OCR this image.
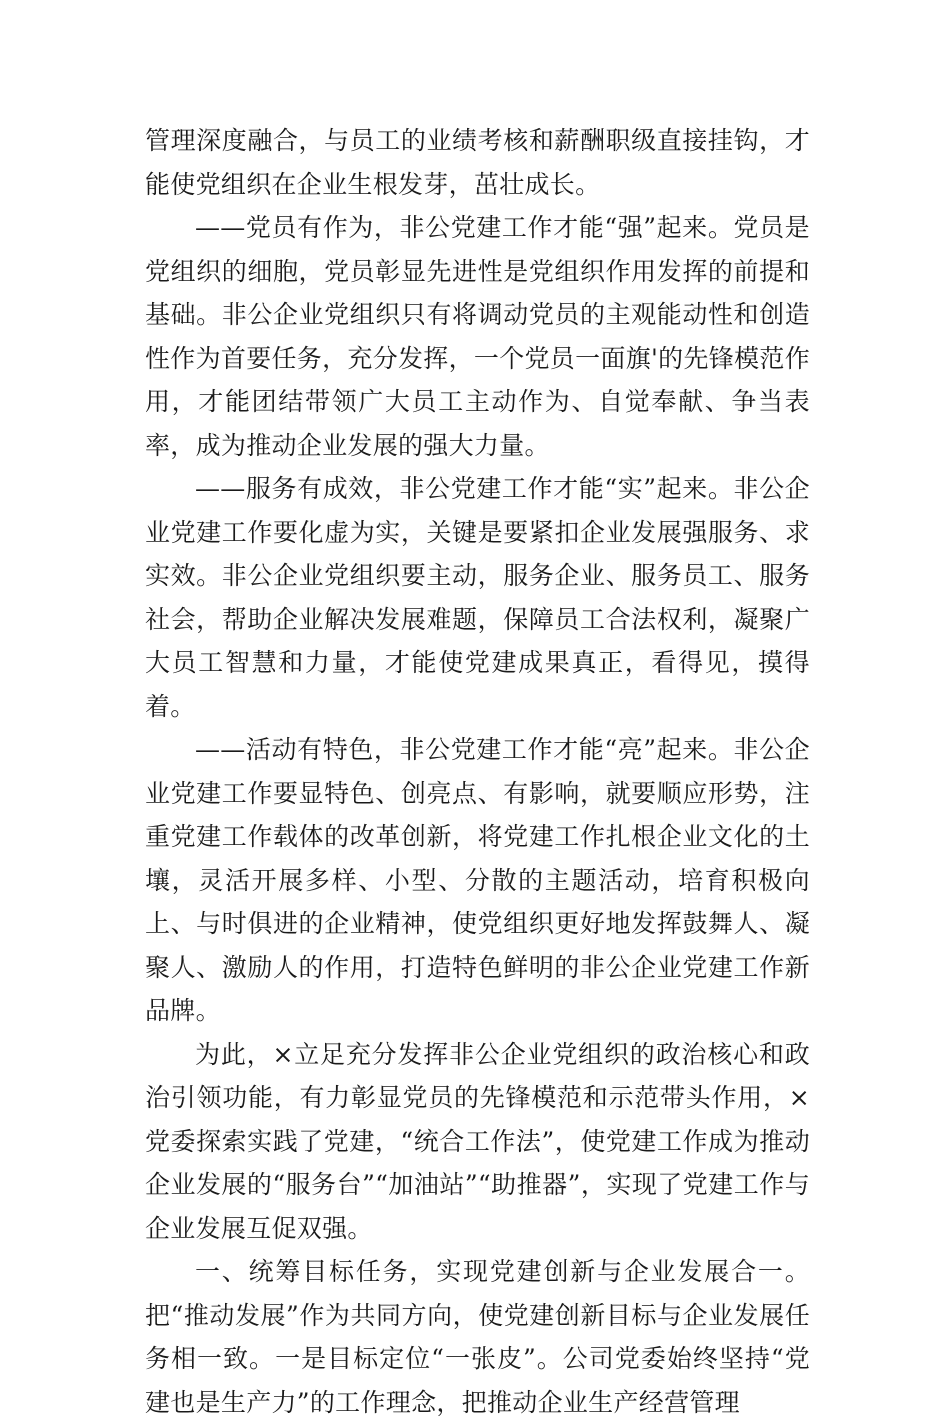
管理深度融合，与员工的业绩考核和薪酬职级直接挂钩，才能使党组织在企业生根发芽，茁壮成长。

——党员有作为，非公党建工作才能“强”起来。党员是党组织的细胞，党员彰显先进性是党组织作用发挥的前提和基础。非公企业党组织只有将调动党员的主观能动性和创造性作为首要任务，充分发挥，一个党员一面旗'的先锋模范作用，才能团结带领广大员工主动作为、自觉奉献、争当表率，成为推动企业发展的强大力量。

——服务有成效，非公党建工作才能“实”起来。非公企业党建工作要化虚为实，关键是要紧扣企业发展强服务、求实效。非公企业党组织要主动，服务企业、服务员工、服务社会，帮助企业解决发展难题，保障员工合法权利，凝聚广大员工智慧和力量，才能使党建成果真正，看得见，摸得着。

——活动有特色，非公党建工作才能“亮”起来。非公企业党建工作要显特色、创亮点、有影响，就要顺应形势，注重党建工作载体的改革创新，将党建工作扎根企业文化的土壤，灵活开展多样、小型、分散的主题活动，培育积极向上、与时俱进的企业精神，使党组织更好地发挥鼓舞人、凝聚人、激励人的作用，打造特色鲜明的非公企业党建工作新品牌。

为此，×立足充分发挥非公企业党组织的政治核心和政治引领功能，有力彰显党员的先锋模范和示范带头作用，×党委探索实践了党建，“统合工作法”，使党建工作成为推动企业发展的“服务台”“加油站”“助推器”，实现了党建工作与企业发展互促双强。

一、统筹目标任务，实现党建创新与企业发展合一。把“推动发展”作为共同方向，使党建创新目标与企业发展任务相一致。一是目标定位“一张皮”。公司党委始终坚持“党建也是生产力”的工作理念，把推动企业生产经营管理
